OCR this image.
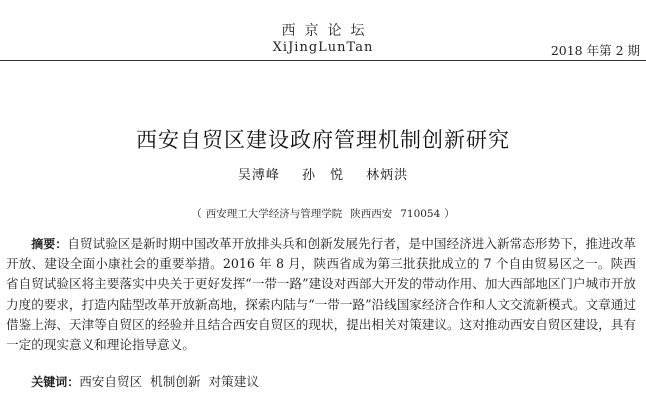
西京论坛
XiJingLunTan	2018 年第 2 期
西安自贸区建设政府管理机制创新研究
吴溥峰 孙　悦 林炳洪
（ 西安理工大学经济与管理学院 陕西西安 710054 ）
摘要：自贸试验区是新时期中国改革开放排头兵和创新发展先行者，是中国经济进入新常态形势下，推进改革开放、建设全面小康社会的重要举措。2016 年 8 月，陕西省成为第三批获批成立的 7 个自由贸易区之一。陕西省自贸试验区将主要落实中央关于更好发挥“一带一路”建设对西部大开发的带动作用、加大西部地区门户城市开放力度的要求，打造内陆型改革开放新高地，探索内陆与“一带一路”沿线国家经济合作和人文交流新模式。文章通过借鉴上海、天津等自贸区的经验并且结合西安自贸区的现状，提出相关对策建议。这对推动西安自贸区建设，具有一定的现实意义和理论指导意义。
关键词：西安自贸区 机制创新 对策建议
